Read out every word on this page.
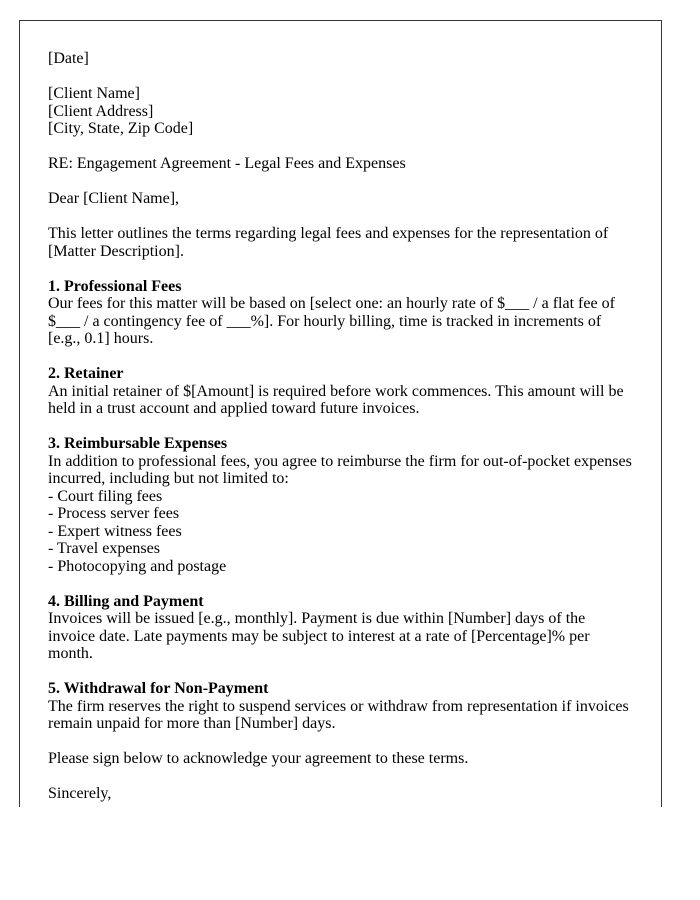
[Date]
[Client Name]
[Client Address]
[City, State, Zip Code]
RE: Engagement Agreement - Legal Fees and Expenses
Dear [Client Name],
This letter outlines the terms regarding legal fees and expenses for the representation of [Matter Description].
1. Professional Fees
Our fees for this matter will be based on [select one: an hourly rate of $___ / a flat fee of $___ / a contingency fee of ___%]. For hourly billing, time is tracked in increments of [e.g., 0.1] hours.
2. Retainer
An initial retainer of $[Amount] is required before work commences. This amount will be held in a trust account and applied toward future invoices.
3. Reimbursable Expenses
In addition to professional fees, you agree to reimburse the firm for out-of-pocket expenses incurred, including but not limited to:
- Court filing fees
- Process server fees
- Expert witness fees
- Travel expenses
- Photocopying and postage
4. Billing and Payment
Invoices will be issued [e.g., monthly]. Payment is due within [Number] days of the invoice date. Late payments may be subject to interest at a rate of [Percentage]% per month.
5. Withdrawal for Non-Payment
The firm reserves the right to suspend services or withdraw from representation if invoices remain unpaid for more than [Number] days.
Please sign below to acknowledge your agreement to these terms.
Sincerely,
